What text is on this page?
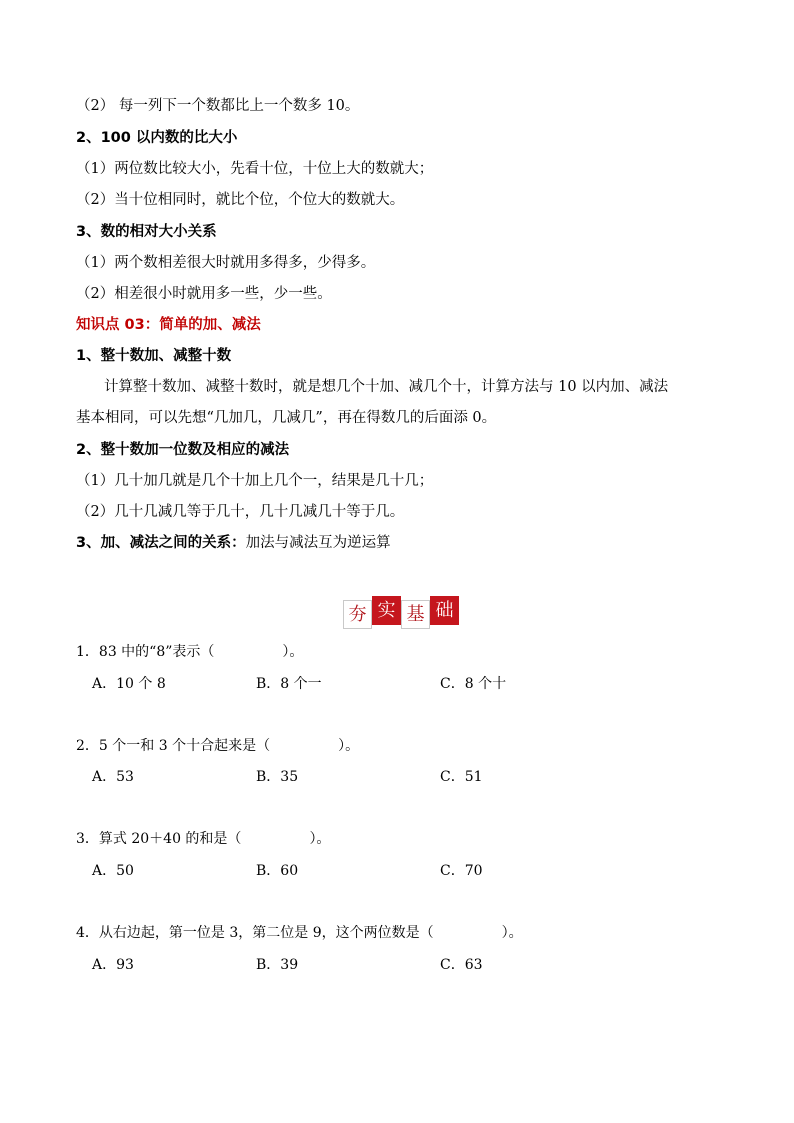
（2） 每一列下一个数都比上一个数多 10。
2、100 以内数的比大小
（1）两位数比较大小，先看十位，十位上大的数就大；
（2）当十位相同时，就比个位，个位大的数就大。
3、数的相对大小关系
（1）两个数相差很大时就用多得多，少得多。
（2）相差很小时就用多一些，少一些。
知识点 03：简单的加、减法
1、整十数加、减整十数
计算整十数加、减整十数时，就是想几个十加、减几个十，计算方法与 10 以内加、减法
基本相同，可以先想“几加几，几减几”，再在得数几的后面添 0。
2、整十数加一位数及相应的减法
（1）几十加几就是几个十加上几个一，结果是几十几；
（2）几十几减几等于几十，几十几减几十等于几。
3、加、减法之间的关系：加法与减法互为逆运算
夯 实 基 础
1．83 中的“8”表示（	）。
A．10 个 8	B．8 个一	C．8 个十
2．5 个一和 3 个十合起来是（	）。
A．53	B．35	C．51
3．算式 20＋40 的和是（	）。
A．50	B．60	C．70
4．从右边起，第一位是 3，第二位是 9，这个两位数是（	）。
A．93	B．39	C．63
